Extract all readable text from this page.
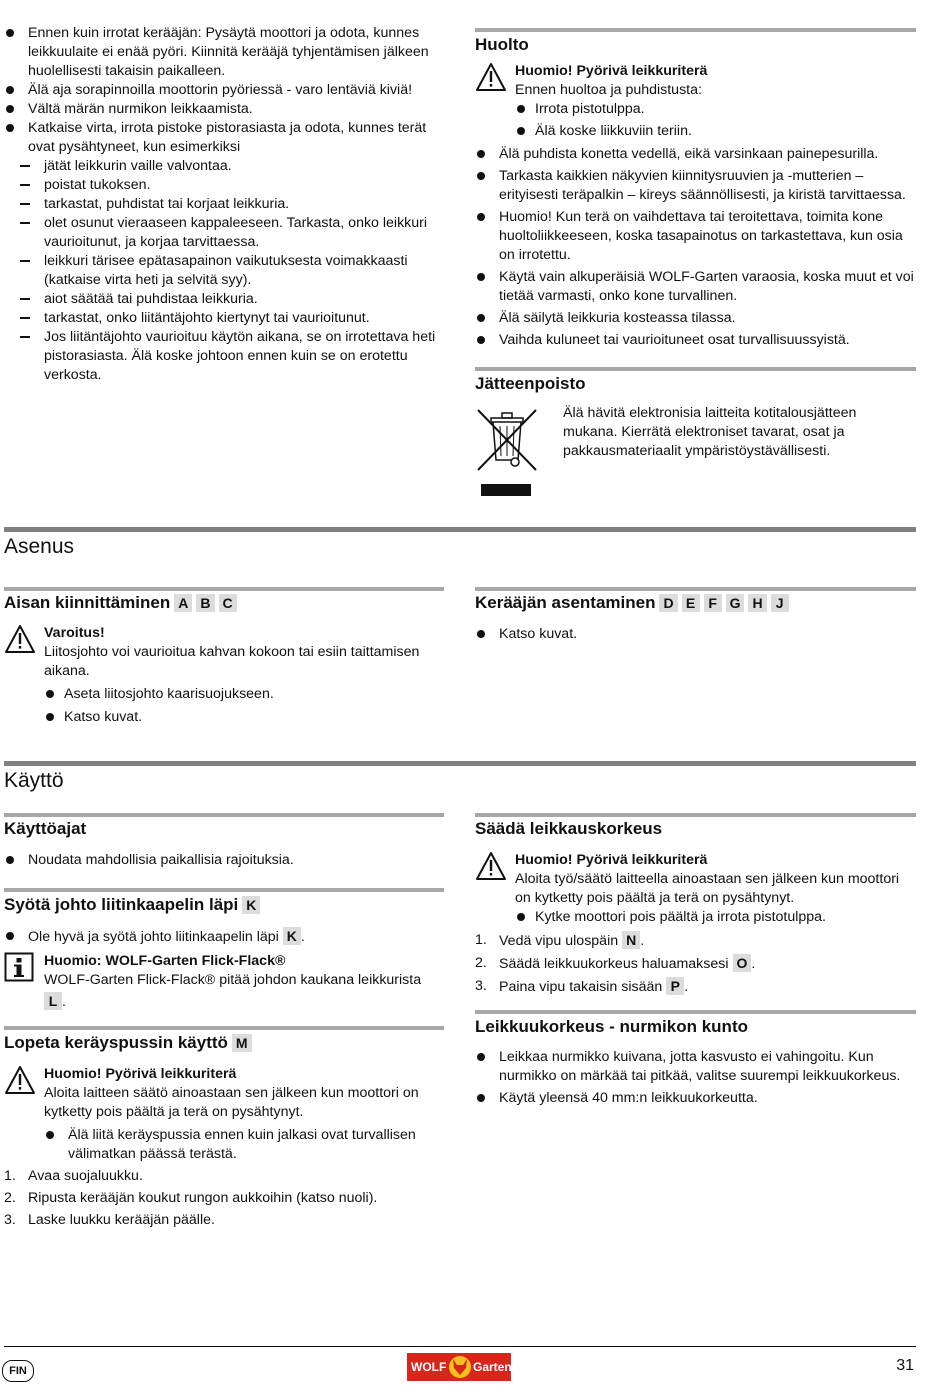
Ennen kuin irrotat kerääjän: Pysäytä moottori ja odota, kunnes leikkuulaite ei enää pyöri. Kiinnitä kerääjä tyhjentämisen jälkeen huolellisesti takaisin paikalleen.
Älä aja sorapinnoilla moottorin pyöriessä - varo lentäviä kiviä!
Vältä märän nurmikon leikkaamista.
Katkaise virta, irrota pistoke pistorasiasta ja odota, kunnes terät ovat pysähtyneet, kun esimerkiksi
jätät leikkurin vaille valvontaa.
poistat tukoksen.
tarkastat, puhdistat tai korjaat leikkuria.
olet osunut vieraaseen kappaleeseen. Tarkasta, onko leikkuri vaurioitunut, ja korjaa tarvittaessa.
leikkuri tärisee epätasapainon vaikutuksesta voimakkaasti (katkaise virta heti ja selvitä syy).
aiot säätää tai puhdistaa leikkuria.
tarkastat, onko liitäntäjohto kiertynyt tai vaurioitunut.
Jos liitäntäjohto vaurioituu käytön aikana, se on irrotettava heti pistorasiasta. Älä koske johtoon ennen kuin se on erotettu verkosta.
Huolto
Huomio! Pyörivä leikkuriterä
Ennen huoltoa ja puhdistusta:
Irrota pistotulppa.
Älä koske liikkuviin teriin.
Älä puhdista konetta vedellä, eikä varsinkaan painepesurilla.
Tarkasta kaikkien näkyvien kiinnitysruuvien ja -mutterien – erityisesti teräpalkin – kireys säännöllisesti, ja kiristä tarvittaessa.
Huomio! Kun terä on vaihdettava tai teroitettava, toimita kone huoltoliikkeeseen, koska tasapainotus on tarkastettava, kun osia on irrotettu.
Käytä vain alkuperäisiä WOLF-Garten varaosia, koska muut et voi tietää varmasti, onko kone turvallinen.
Älä säilytä leikkuria kosteassa tilassa.
Vaihda kuluneet tai vaurioituneet osat turvallisuussyistä.
Jätteenpoisto
Älä hävitä elektronisia laitteita kotitalousjätteen mukana. Kierrätä elektroniset tavarat, osat ja pakkausmateriaalit ympäristöystävällisesti.
Asenus
Aisan kiinnittäminen A B C
Varoitus!
Liitosjohto voi vaurioitua kahvan kokoon tai esiin taittamisen aikana.
Aseta liitosjohto kaarisuojukseen.
Katso kuvat.
Kerääjän asentaminen D E F G H J
Katso kuvat.
Käyttö
Käyttöajat
Noudata mahdollisia paikallisia rajoituksia.
Syötä johto liitinkaapelin läpi K
Ole hyvä ja syötä johto liitinkaapelin läpi K .
Huomio: WOLF-Garten Flick-Flack®
WOLF-Garten Flick-Flack® pitää johdon kaukana leikkurista
L .
Lopeta keräyspussin käyttö M
Huomio! Pyörivä leikkuriterä
Aloita laitteen säätö ainoastaan sen jälkeen kun moottori on kytketty pois päältä ja terä on pysähtynyt.
Älä liitä keräyspussia ennen kuin jalkasi ovat turvallisen välimatkan päässä terästä.
1. Avaa suojaluukku.
2. Ripusta kerääjän koukut rungon aukkoihin (katso nuoli).
3. Laske luukku kerääjän päälle.
Säädä leikkauskorkeus
Huomio! Pyörivä leikkuriterä
Aloita työ/säätö laitteella ainoastaan sen jälkeen kun moottori on kytketty pois päältä ja terä on pysähtynyt.
Kytke moottori pois päältä ja irrota pistotulppa.
1. Vedä vipu ulospäin N .
2. Säädä leikkuukorkeus haluamaksesi O .
3. Paina vipu takaisin sisään P .
Leikkuukorkeus - nurmikon kunto
Leikkaa nurmikko kuivana, jotta kasvusto ei vahingoitu. Kun nurmikko on märkää tai pitkää, valitse suurempi leikkuukorkeus.
Käytä yleensä 40 mm:n leikkuukorkeutta.
FIN	WOLF Garten	31
